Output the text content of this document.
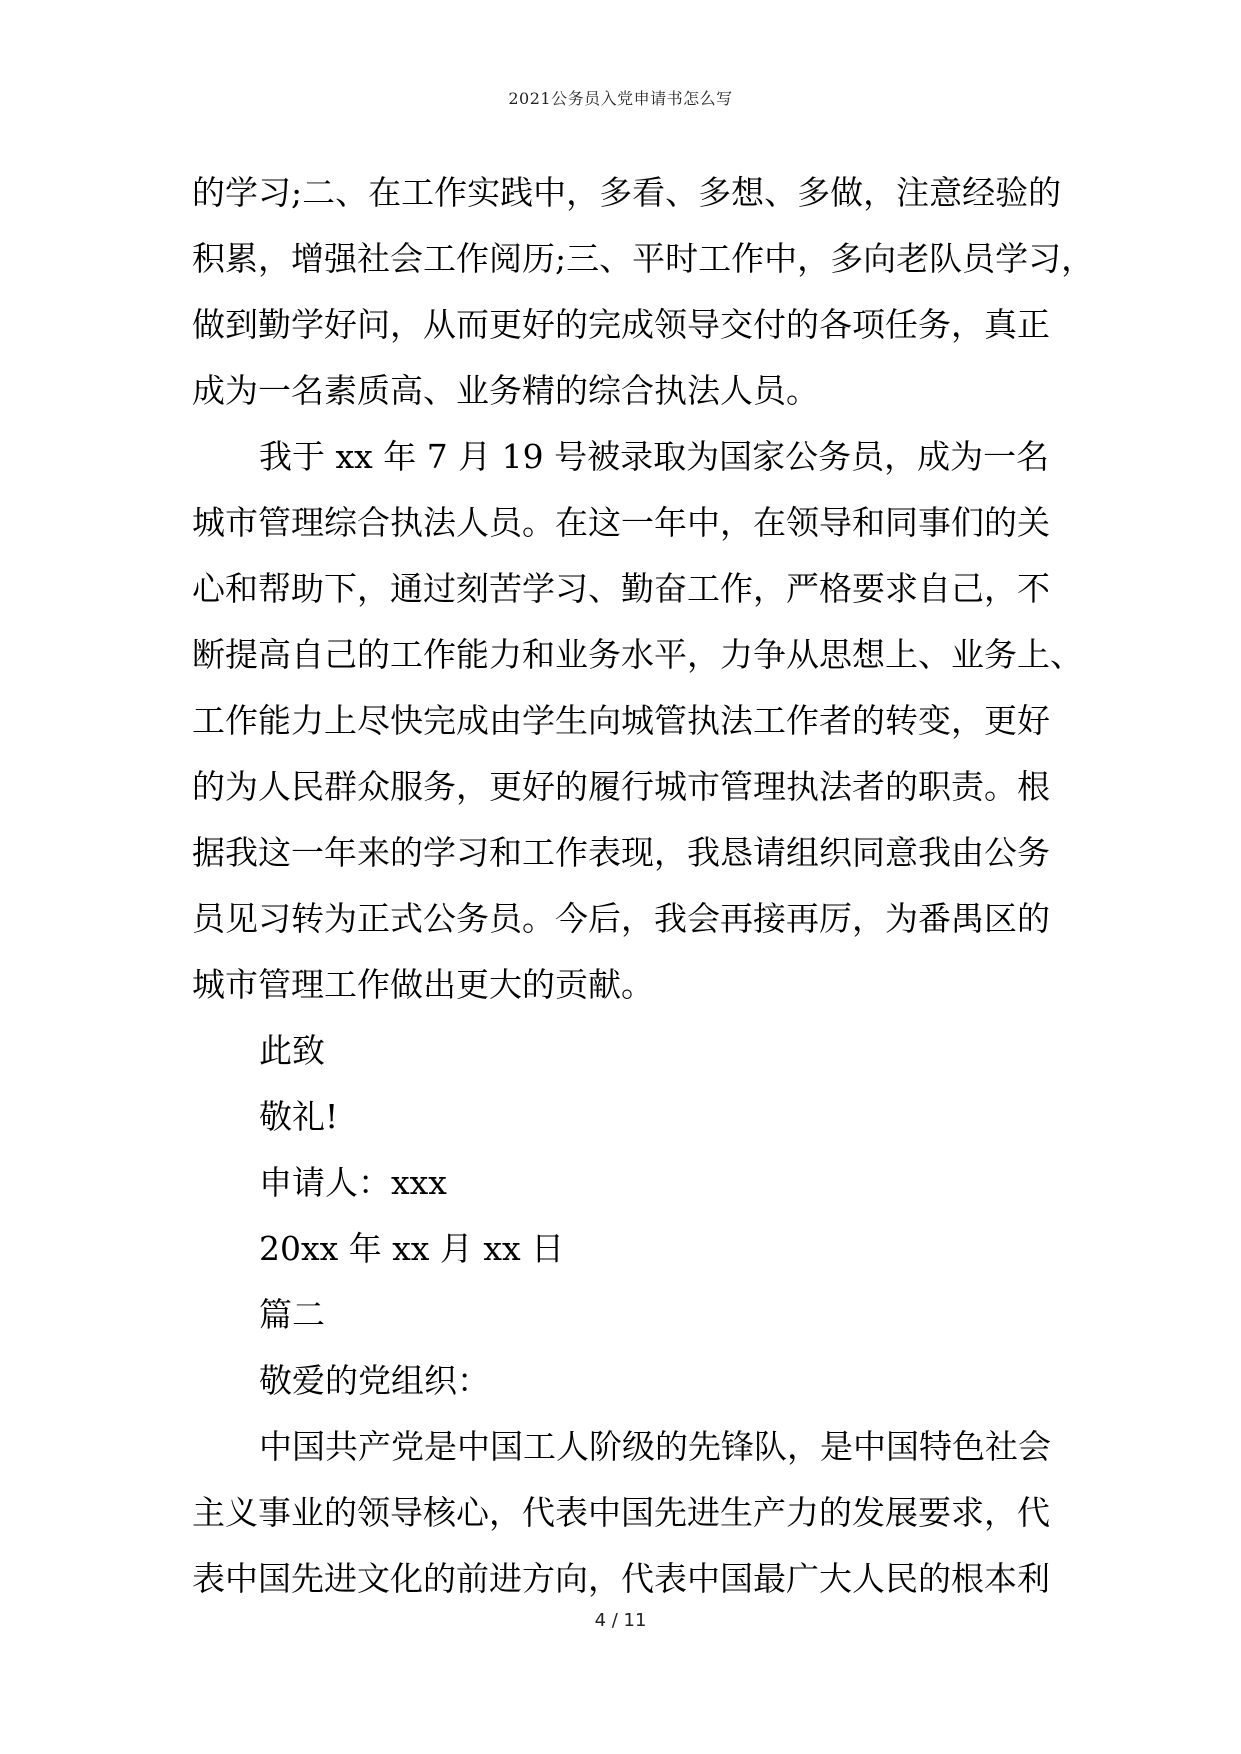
2021公务员入党申请书怎么写
的学习;二、在工作实践中，多看、多想、多做，注意经验的
积累，增强社会工作阅历;三、平时工作中，多向老队员学习，
做到勤学好问，从而更好的完成领导交付的各项任务，真正
成为一名素质高、业务精的综合执法人员。
我于 xx 年 7 月 19 号被录取为国家公务员，成为一名
城市管理综合执法人员。在这一年中，在领导和同事们的关
心和帮助下，通过刻苦学习、勤奋工作，严格要求自己，不
断提高自己的工作能力和业务水平，力争从思想上、业务上、
工作能力上尽快完成由学生向城管执法工作者的转变，更好
的为人民群众服务，更好的履行城市管理执法者的职责。根
据我这一年来的学习和工作表现，我恳请组织同意我由公务
员见习转为正式公务员。今后，我会再接再厉，为番禺区的
城市管理工作做出更大的贡献。
此致
敬礼!
申请人：xxx
20xx 年 xx 月 xx 日
篇二
敬爱的党组织：
中国共产党是中国工人阶级的先锋队，是中国特色社会
主义事业的领导核心，代表中国先进生产力的发展要求，代
表中国先进文化的前进方向，代表中国最广大人民的根本利
4 / 11
